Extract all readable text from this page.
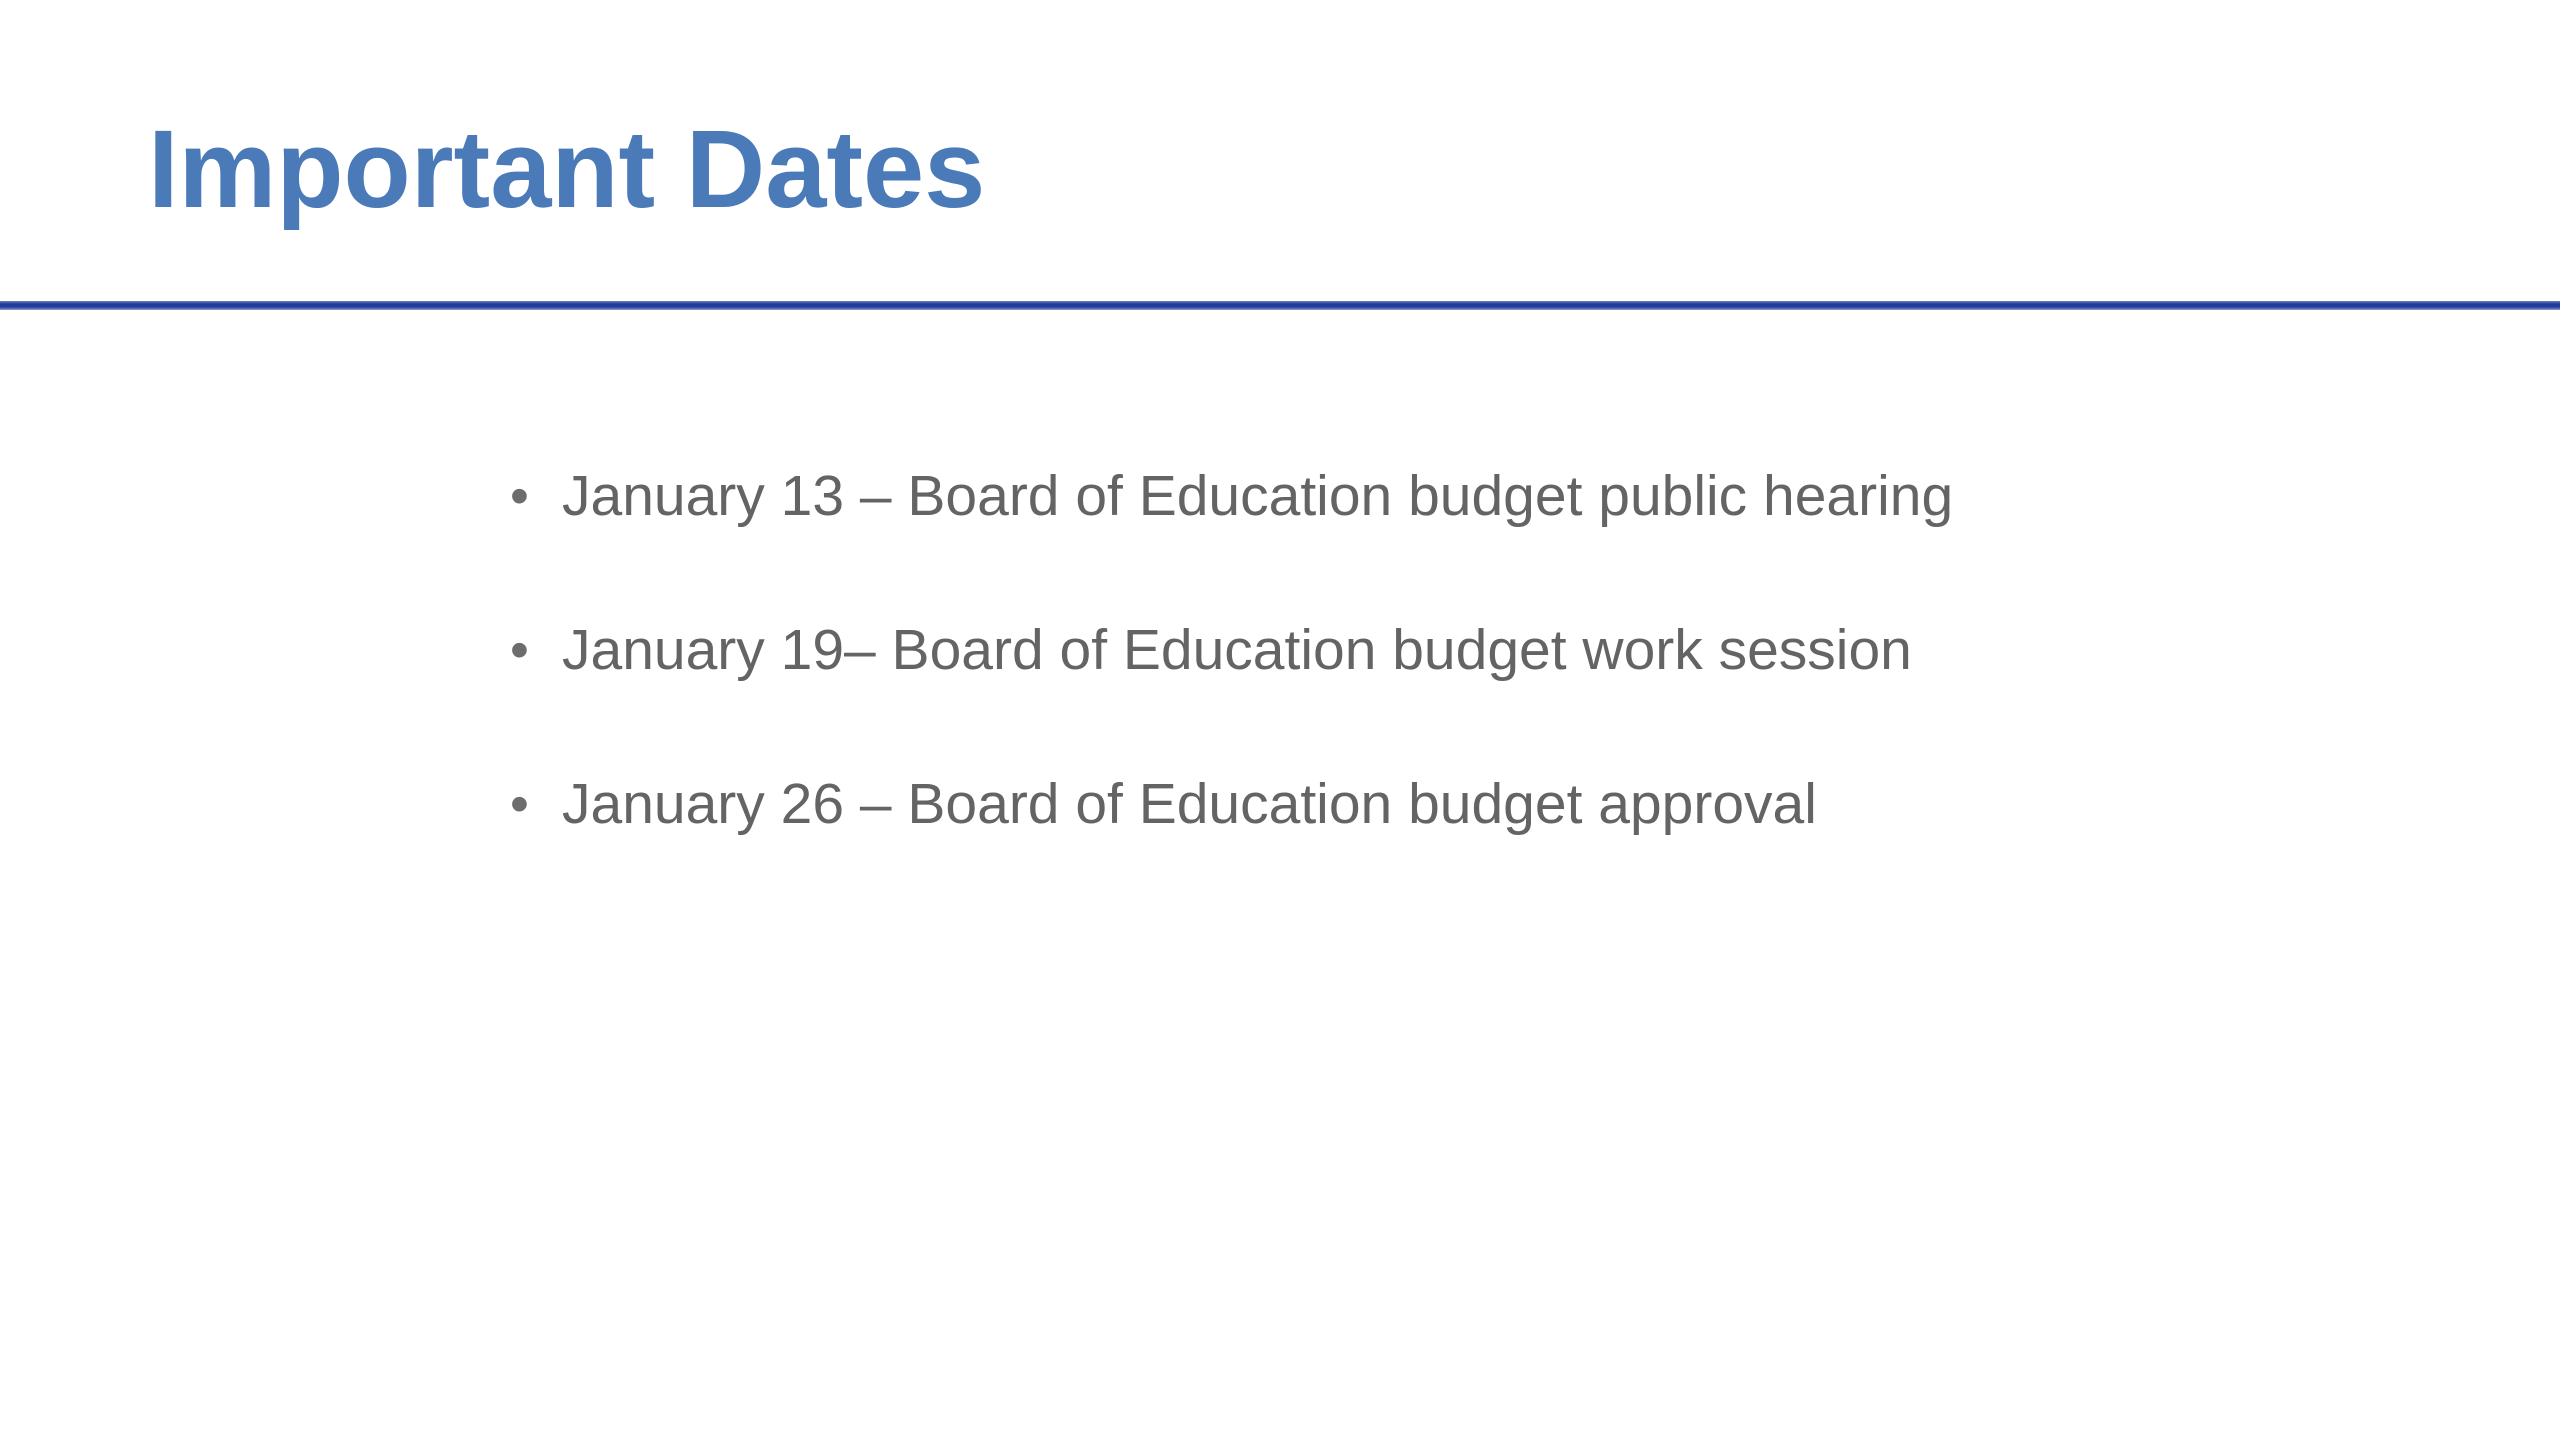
Important Dates
• January 13 – Board of Education budget public hearing
• January 19– Board of Education budget work session
• January 26 – Board of Education budget approval
